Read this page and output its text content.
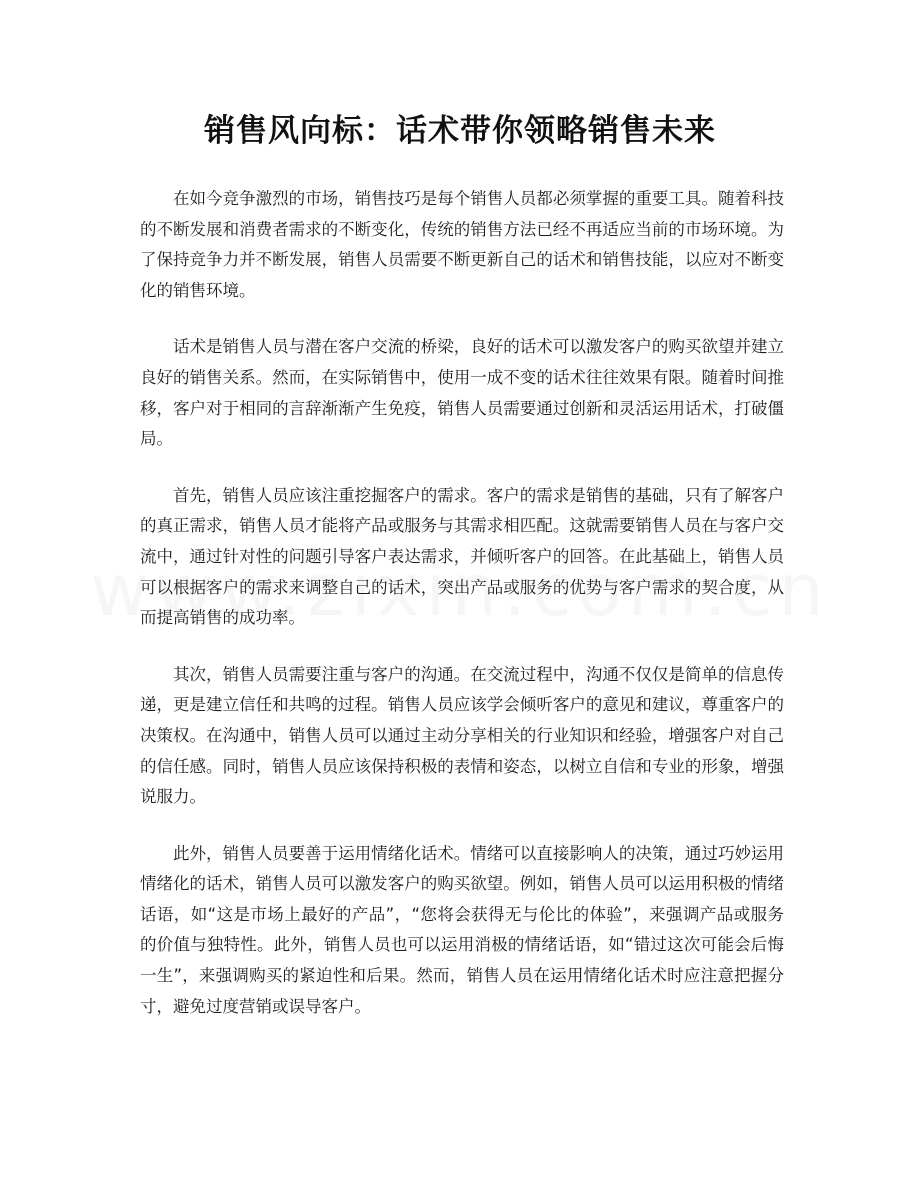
销售风向标：话术带你领略销售未来

在如今竞争激烈的市场，销售技巧是每个销售人员都必须掌握的重要工具。随着科技的不断发展和消费者需求的不断变化，传统的销售方法已经不再适应当前的市场环境。为了保持竞争力并不断发展，销售人员需要不断更新自己的话术和销售技能，以应对不断变化的销售环境。

话术是销售人员与潜在客户交流的桥梁，良好的话术可以激发客户的购买欲望并建立良好的销售关系。然而，在实际销售中，使用一成不变的话术往往效果有限。随着时间推移，客户对于相同的言辞渐渐产生免疫，销售人员需要通过创新和灵活运用话术，打破僵局。

首先，销售人员应该注重挖掘客户的需求。客户的需求是销售的基础，只有了解客户的真正需求，销售人员才能将产品或服务与其需求相匹配。这就需要销售人员在与客户交流中，通过针对性的问题引导客户表达需求，并倾听客户的回答。在此基础上，销售人员可以根据客户的需求来调整自己的话术，突出产品或服务的优势与客户需求的契合度，从而提高销售的成功率。

其次，销售人员需要注重与客户的沟通。在交流过程中，沟通不仅仅是简单的信息传递，更是建立信任和共鸣的过程。销售人员应该学会倾听客户的意见和建议，尊重客户的决策权。在沟通中，销售人员可以通过主动分享相关的行业知识和经验，增强客户对自己的信任感。同时，销售人员应该保持积极的表情和姿态，以树立自信和专业的形象，增强说服力。

此外，销售人员要善于运用情绪化话术。情绪可以直接影响人的决策，通过巧妙运用情绪化的话术，销售人员可以激发客户的购买欲望。例如，销售人员可以运用积极的情绪话语，如“这是市场上最好的产品”，“您将会获得无与伦比的体验”，来强调产品或服务的价值与独特性。此外，销售人员也可以运用消极的情绪话语，如“错过这次可能会后悔一生”，来强调购买的紧迫性和后果。然而，销售人员在运用情绪化话术时应注意把握分寸，避免过度营销或误导客户。
